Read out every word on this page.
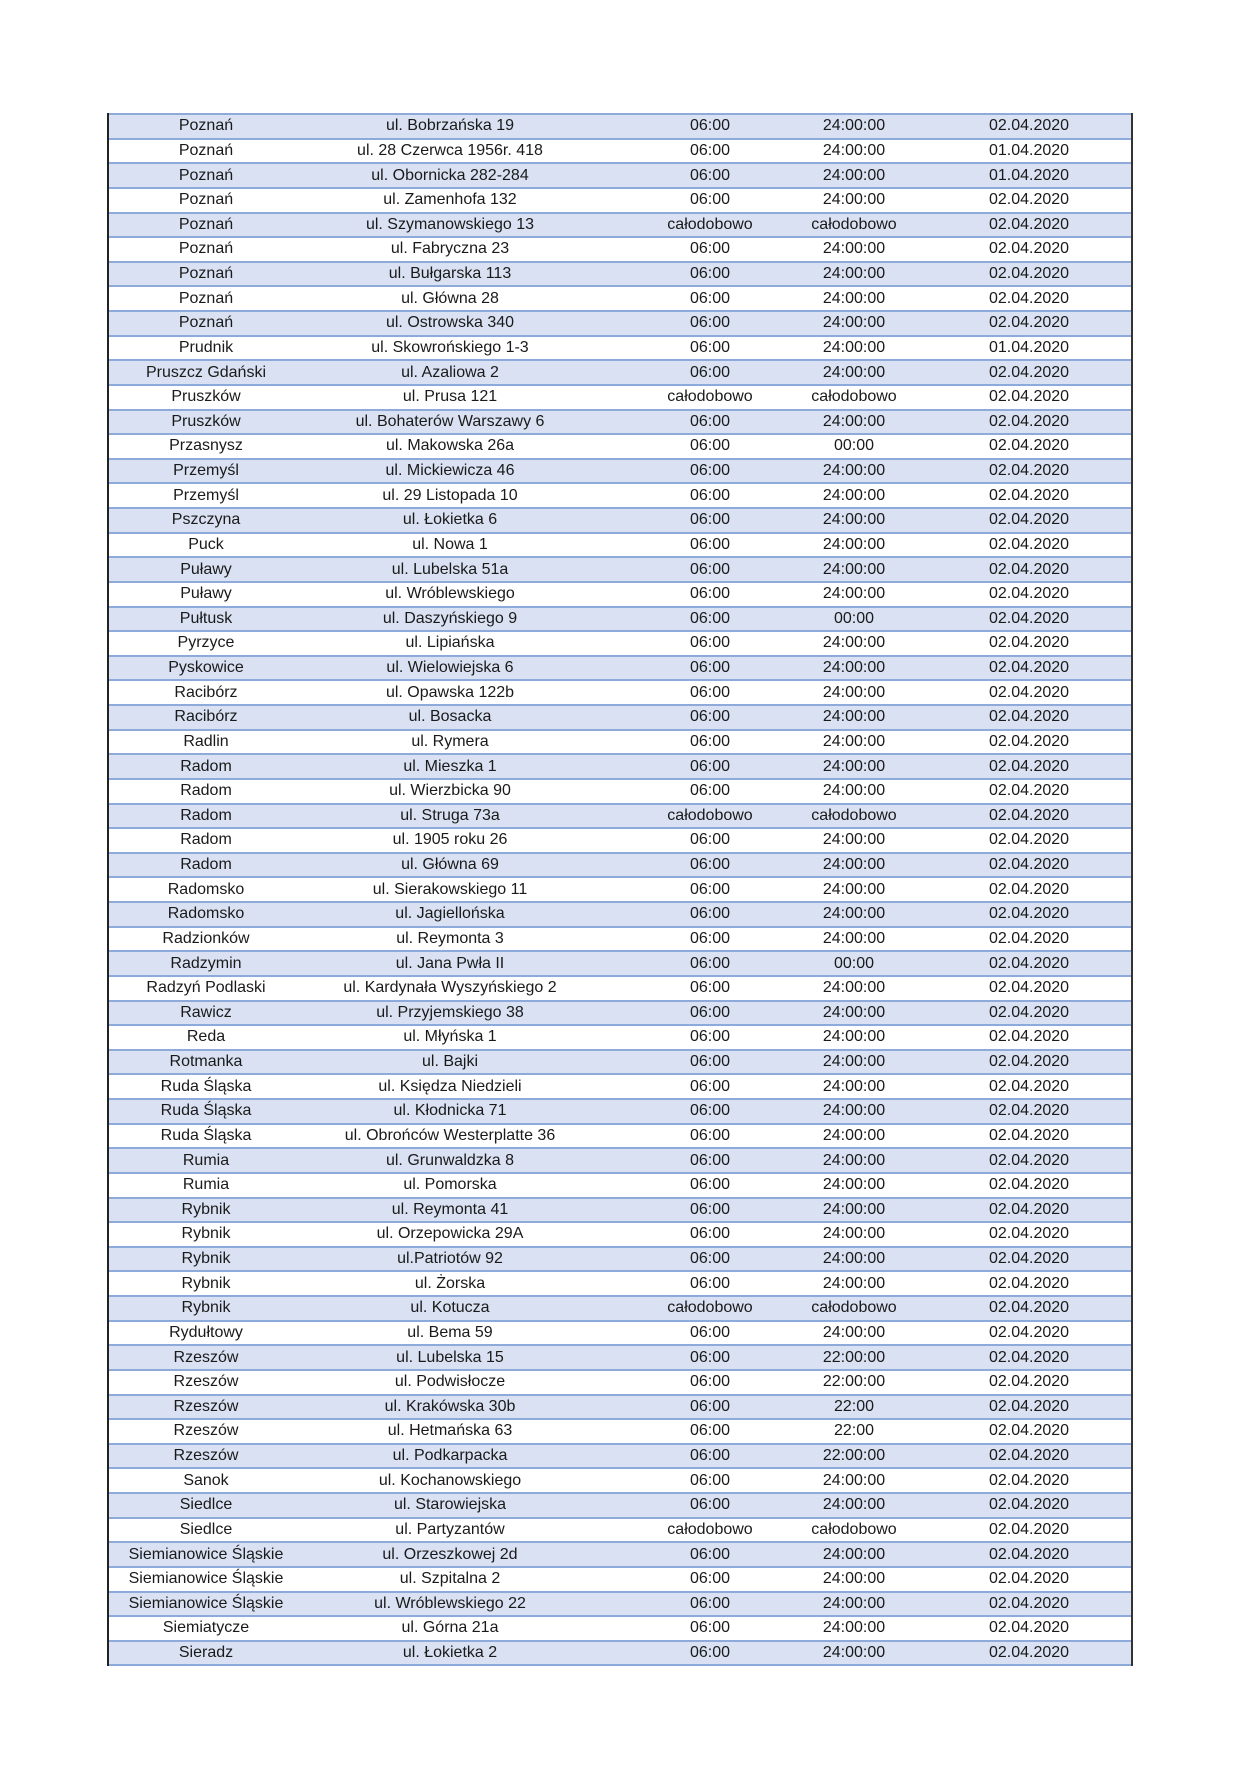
Poznań	ul. Bobrzańska 19	06:00	24:00:00	02.04.2020
Poznań	ul. 28 Czerwca 1956r. 418	06:00	24:00:00	01.04.2020
Poznań	ul. Obornicka 282-284	06:00	24:00:00	01.04.2020
Poznań	ul. Zamenhofa 132	06:00	24:00:00	02.04.2020
Poznań	ul. Szymanowskiego 13	całodobowo	całodobowo	02.04.2020
Poznań	ul. Fabryczna 23	06:00	24:00:00	02.04.2020
Poznań	ul. Bułgarska 113	06:00	24:00:00	02.04.2020
Poznań	ul. Główna 28	06:00	24:00:00	02.04.2020
Poznań	ul. Ostrowska 340	06:00	24:00:00	02.04.2020
Prudnik	ul. Skowrońskiego 1-3	06:00	24:00:00	01.04.2020
Pruszcz Gdański	ul. Azaliowa 2	06:00	24:00:00	02.04.2020
Pruszków	ul. Prusa 121	całodobowo	całodobowo	02.04.2020
Pruszków	ul. Bohaterów Warszawy 6	06:00	24:00:00	02.04.2020
Przasnysz	ul. Makowska 26a	06:00	00:00	02.04.2020
Przemyśl	ul. Mickiewicza 46	06:00	24:00:00	02.04.2020
Przemyśl	ul. 29 Listopada 10	06:00	24:00:00	02.04.2020
Pszczyna	ul. Łokietka 6	06:00	24:00:00	02.04.2020
Puck	ul. Nowa 1	06:00	24:00:00	02.04.2020
Puławy	ul. Lubelska 51a	06:00	24:00:00	02.04.2020
Puławy	ul. Wróblewskiego	06:00	24:00:00	02.04.2020
Pułtusk	ul. Daszyńskiego 9	06:00	00:00	02.04.2020
Pyrzyce	ul. Lipiańska	06:00	24:00:00	02.04.2020
Pyskowice	ul. Wielowiejska 6	06:00	24:00:00	02.04.2020
Racibórz	ul. Opawska 122b	06:00	24:00:00	02.04.2020
Racibórz	ul. Bosacka	06:00	24:00:00	02.04.2020
Radlin	ul. Rymera	06:00	24:00:00	02.04.2020
Radom	ul. Mieszka 1	06:00	24:00:00	02.04.2020
Radom	ul. Wierzbicka 90	06:00	24:00:00	02.04.2020
Radom	ul. Struga 73a	całodobowo	całodobowo	02.04.2020
Radom	ul. 1905 roku 26	06:00	24:00:00	02.04.2020
Radom	ul. Główna 69	06:00	24:00:00	02.04.2020
Radomsko	ul. Sierakowskiego 11	06:00	24:00:00	02.04.2020
Radomsko	ul. Jagiellońska	06:00	24:00:00	02.04.2020
Radzionków	ul. Reymonta 3	06:00	24:00:00	02.04.2020
Radzymin	ul. Jana Pwła II	06:00	00:00	02.04.2020
Radzyń Podlaski	ul. Kardynała Wyszyńskiego 2	06:00	24:00:00	02.04.2020
Rawicz	ul. Przyjemskiego 38	06:00	24:00:00	02.04.2020
Reda	ul. Młyńska 1	06:00	24:00:00	02.04.2020
Rotmanka	ul. Bajki	06:00	24:00:00	02.04.2020
Ruda Śląska	ul. Księdza Niedzieli	06:00	24:00:00	02.04.2020
Ruda Śląska	ul. Kłodnicka 71	06:00	24:00:00	02.04.2020
Ruda Śląska	ul. Obrońców Westerplatte 36	06:00	24:00:00	02.04.2020
Rumia	ul. Grunwaldzka 8	06:00	24:00:00	02.04.2020
Rumia	ul. Pomorska	06:00	24:00:00	02.04.2020
Rybnik	ul. Reymonta 41	06:00	24:00:00	02.04.2020
Rybnik	ul. Orzepowicka 29A	06:00	24:00:00	02.04.2020
Rybnik	ul.Patriotów 92	06:00	24:00:00	02.04.2020
Rybnik	ul. Żorska	06:00	24:00:00	02.04.2020
Rybnik	ul. Kotucza	całodobowo	całodobowo	02.04.2020
Rydułtowy	ul. Bema 59	06:00	24:00:00	02.04.2020
Rzeszów	ul. Lubelska 15	06:00	22:00:00	02.04.2020
Rzeszów	ul. Podwisłocze	06:00	22:00:00	02.04.2020
Rzeszów	ul. Krakówska 30b	06:00	22:00	02.04.2020
Rzeszów	ul. Hetmańska 63	06:00	22:00	02.04.2020
Rzeszów	ul. Podkarpacka	06:00	22:00:00	02.04.2020
Sanok	ul. Kochanowskiego	06:00	24:00:00	02.04.2020
Siedlce	ul. Starowiejska	06:00	24:00:00	02.04.2020
Siedlce	ul. Partyzantów	całodobowo	całodobowo	02.04.2020
Siemianowice Śląskie	ul. Orzeszkowej 2d	06:00	24:00:00	02.04.2020
Siemianowice Śląskie	ul. Szpitalna 2	06:00	24:00:00	02.04.2020
Siemianowice Śląskie	ul. Wróblewskiego 22	06:00	24:00:00	02.04.2020
Siemiatycze	ul. Górna 21a	06:00	24:00:00	02.04.2020
Sieradz	ul. Łokietka 2	06:00	24:00:00	02.04.2020
